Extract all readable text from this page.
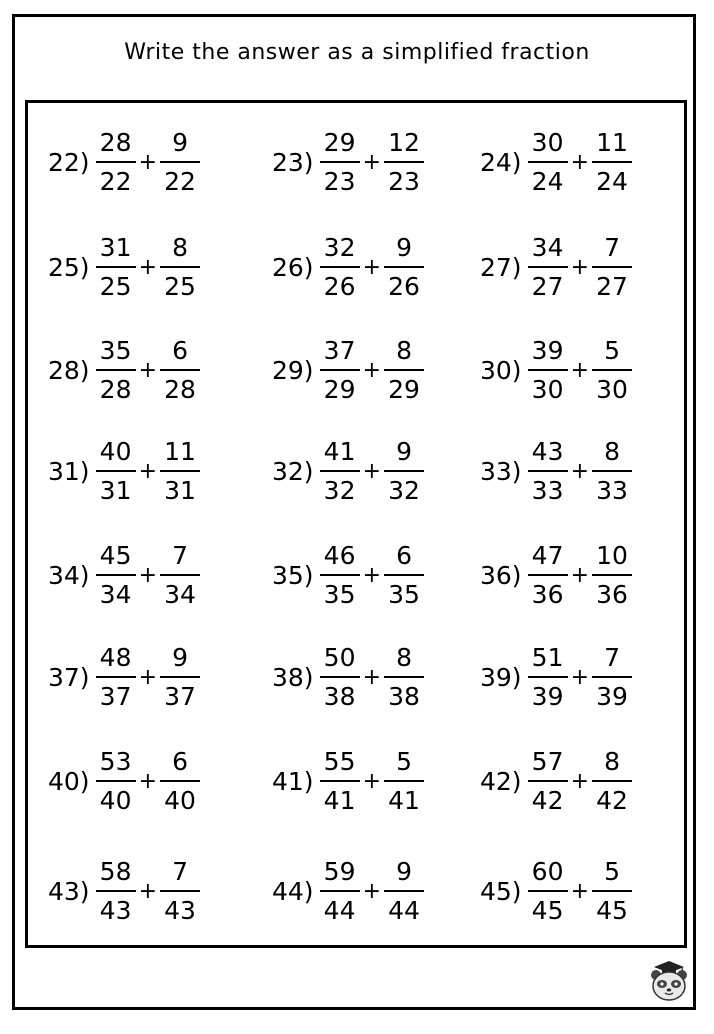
Write the answer as a simplified fraction
$22) \frac{28}{22} + \frac{9}{22}$	$23) \frac{29}{23} + \frac{12}{23} 24) \frac{30}{24} + \frac{11}{24}$
$25) \frac{31}{25} + \frac{8}{25}$	$26) \frac{32}{26} + \frac{9}{26} 27) \frac{34}{27} + \frac{7}{27}$
$28) \frac{35}{28} + \frac{6}{28}$	$29) \frac{37}{29} + \frac{8}{29} 30) \frac{39}{30} + \frac{5}{30}$
$31) \frac{40}{31} + \frac{11}{31}$	$32) \frac{41}{32} + \frac{9}{32} 33) \frac{43}{33} + \frac{8}{33}$
$34) \frac{45}{34} + \frac{7}{34}$	$35) \frac{46}{35} + \frac{6}{35} 36) \frac{47}{36} + \frac{10}{36}$
$37) \frac{48}{37} + \frac{9}{37}$	$38) \frac{50}{38} + \frac{8}{38} 39) \frac{51}{39} + \frac{7}{39}$
$40) \frac{53}{40} + \frac{6}{40}$	$41) \frac{55}{41} + \frac{5}{41} 42) \frac{57}{42} + \frac{8}{42}$
$43) \frac{58}{43} + \frac{7}{43}$	$44) \frac{59}{44} + \frac{9}{44} 45) \frac{60}{45} + \frac{5}{45}$
